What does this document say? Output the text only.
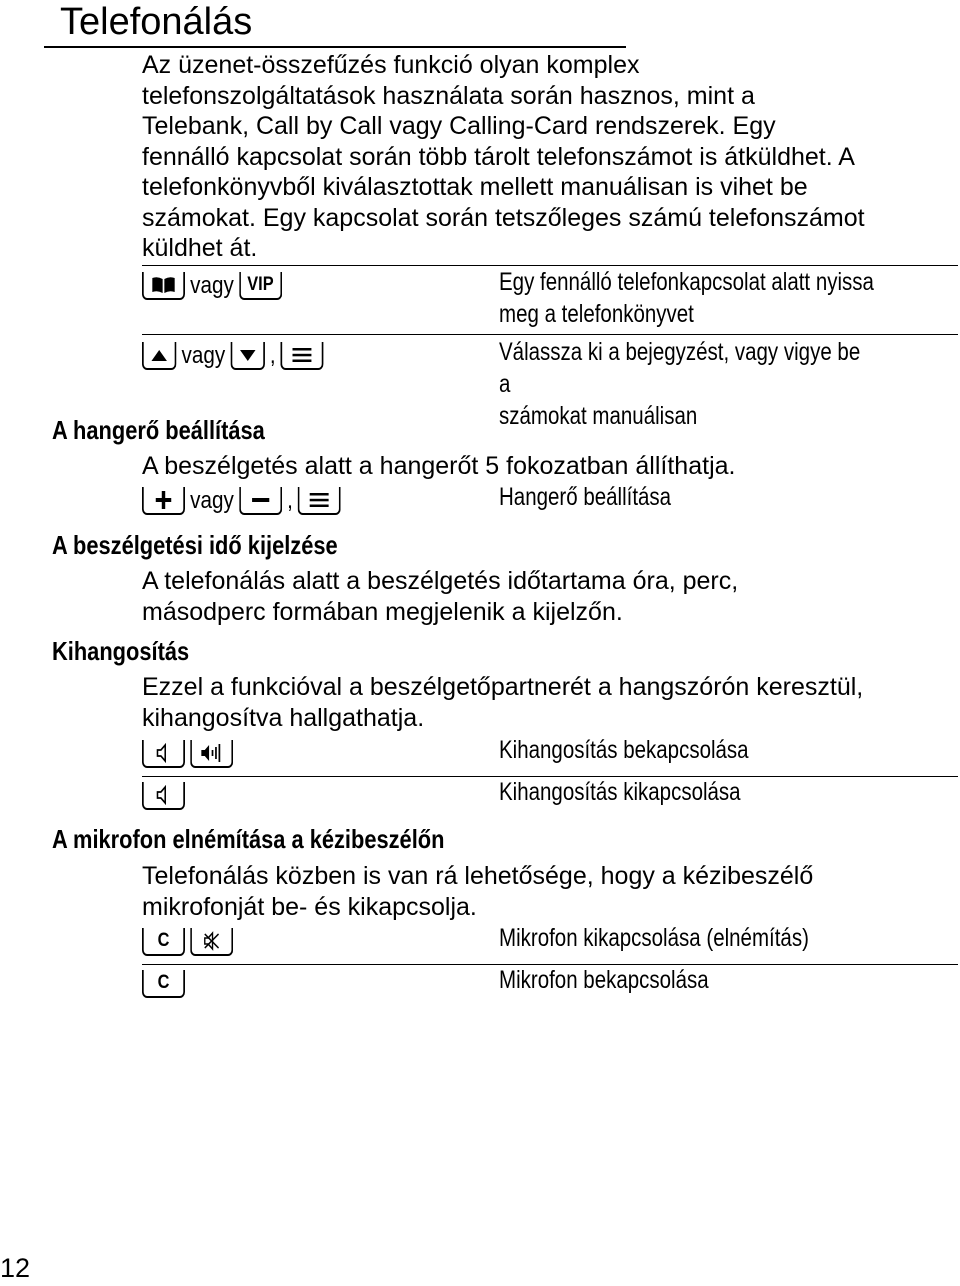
Telefonálás

Az üzenet-összefűzés funkció olyan komplex
telefonszolgáltatások használata során hasznos, mint a
Telebank, Call by Call vagy Calling-Card rendszerek. Egy
fennálló kapcsolat során több tárolt telefonszámot is átküldhet. A
telefonkönyvből kiválasztottak mellett manuálisan is vihet be
számokat. Egy kapcsolat során tetszőleges számú telefonszámot
küldhet át.

vagy VIP	Egy fennálló telefonkapcsolat alatt nyissa
meg a telefonkönyvet
vagy ,	Válassza ki a bejegyzést, vagy vigye be a
számokat manuálisan
A hangerő beállítása

A beszélgetés alatt a hangerőt 5 fokozatban állíthatja.

vagy ,	Hangerő beállítása
A beszélgetési idő kijelzése

A telefonálás alatt a beszélgetés időtartama óra, perc,
másodperc formában megjelenik a kijelzőn.

Kihangosítás

Ezzel a funkcióval a beszélgetőpartnerét a hangszórón keresztül,
kihangosítva hallgathatja.

Kihangosítás bekapcsolása
Kihangosítás kikapcsolása
A mikrofon elnémítása a kézibeszélőn

Telefonálás közben is van rá lehetősége, hogy a kézibeszélő
mikrofonját be- és kikapcsolja.

C	Mikrofon kikapcsolása (elnémítás)
C	Mikrofon bekapcsolása
12
